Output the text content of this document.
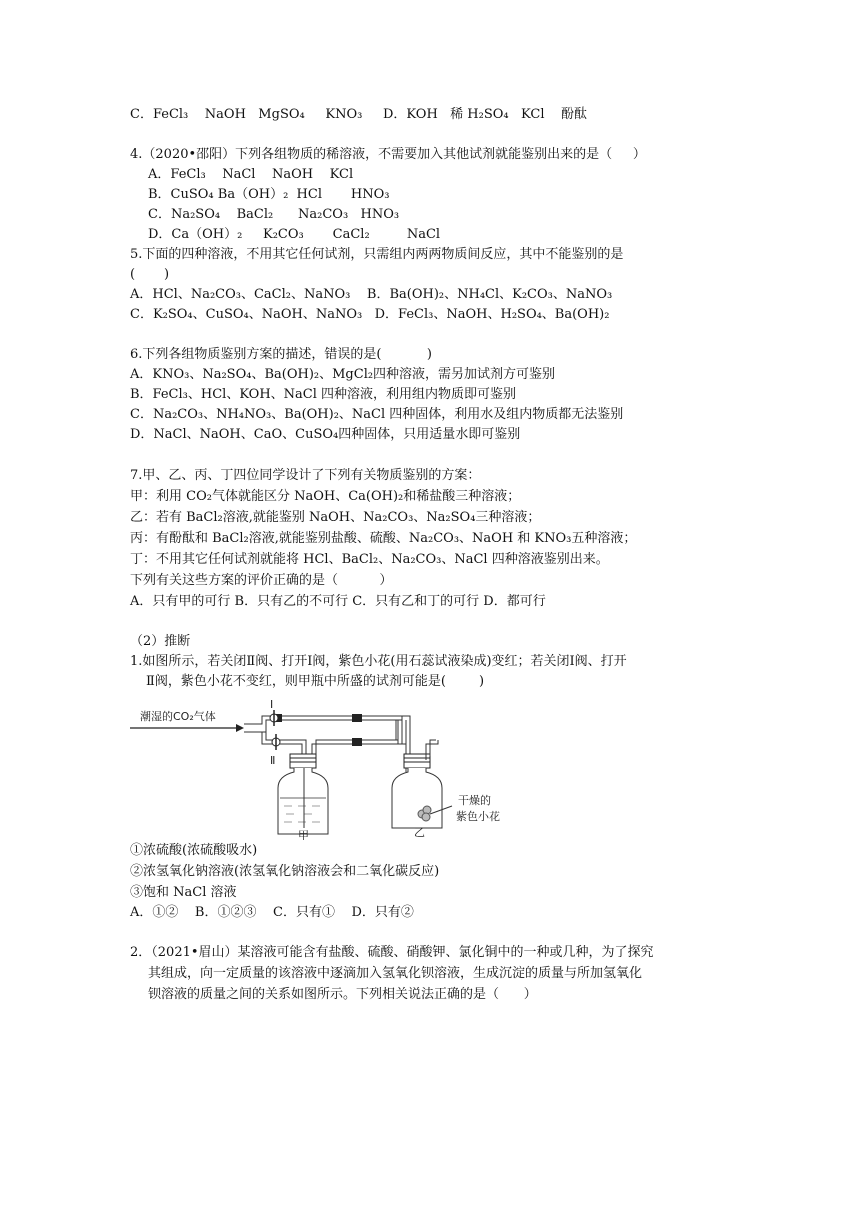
C．FeCl₃    NaOH   MgSO₄     KNO₃     D．KOH   稀 H₂SO₄   KCl    酚酞

4.（2020•邵阳）下列各组物质的稀溶液，不需要加入其他试剂就能鉴别出来的是（     ）

A．FeCl₃    NaCl    NaOH    KCl

B．CuSO₄ Ba（OH）₂  HCl       HNO₃

C．Na₂SO₄    BaCl₂      Na₂CO₃   HNO₃

D．Ca（OH）₂     K₂CO₃       CaCl₂         NaCl

5.下面的四种溶液，不用其它任何试剂，只需组内两两物质间反应，其中不能鉴别的是

(       )

A．HCl、Na₂CO₃、CaCl₂、NaNO₃    B．Ba(OH)₂、NH₄Cl、K₂CO₃、NaNO₃

C．K₂SO₄、CuSO₄、NaOH、NaNO₃   D．FeCl₃、NaOH、H₂SO₄、Ba(OH)₂

6.下列各组物质鉴别方案的描述，错误的是(           )

A．KNO₃、Na₂SO₄、Ba(OH)₂、MgCl₂四种溶液，需另加试剂方可鉴别

B．FeCl₃、HCl、KOH、NaCl 四种溶液，利用组内物质即可鉴别

C．Na₂CO₃、NH₄NO₃、Ba(OH)₂、NaCl 四种固体，利用水及组内物质都无法鉴别

D．NaCl、NaOH、CaO、CuSO₄四种固体，只用适量水即可鉴别

7.甲、乙、丙、丁四位同学设计了下列有关物质鉴别的方案：

甲：利用 CO₂气体就能区分 NaOH、Ca(OH)₂和稀盐酸三种溶液；

乙：若有 BaCl₂溶液,就能鉴别 NaOH、Na₂CO₃、Na₂SO₄三种溶液；

丙：有酚酞和 BaCl₂溶液,就能鉴别盐酸、硫酸、Na₂CO₃、NaOH 和 KNO₃五种溶液；

丁：不用其它任何试剂就能将 HCl、BaCl₂、Na₂CO₃、NaCl 四种溶液鉴别出来。

下列有关这些方案的评价正确的是（          ）

A．只有甲的可行 B．只有乙的不可行 C．只有乙和丁的可行 D．都可行

（2）推断

1.如图所示，若关闭Ⅱ阀、打开Ⅰ阀，紫色小花(用石蕊试液染成)变红；若关闭Ⅰ阀、打开

Ⅱ阀，紫色小花不变红，则甲瓶中所盛的试剂可能是(        )

潮湿的CO₂气体
Ⅰ
Ⅱ
甲	乙
干燥的
紫色小花

①浓硫酸(浓硫酸吸水)

②浓氢氧化钠溶液(浓氢氧化钠溶液会和二氧化碳反应)

③饱和 NaCl 溶液

A．①②    B．①②③    C．只有①    D．只有②

2．（2021•眉山）某溶液可能含有盐酸、硫酸、硝酸钾、氯化铜中的一种或几种，为了探究

其组成，向一定质量的该溶液中逐滴加入氢氧化钡溶液，生成沉淀的质量与所加氢氧化

钡溶液的质量之间的关系如图所示。下列相关说法正确的是（      ）
